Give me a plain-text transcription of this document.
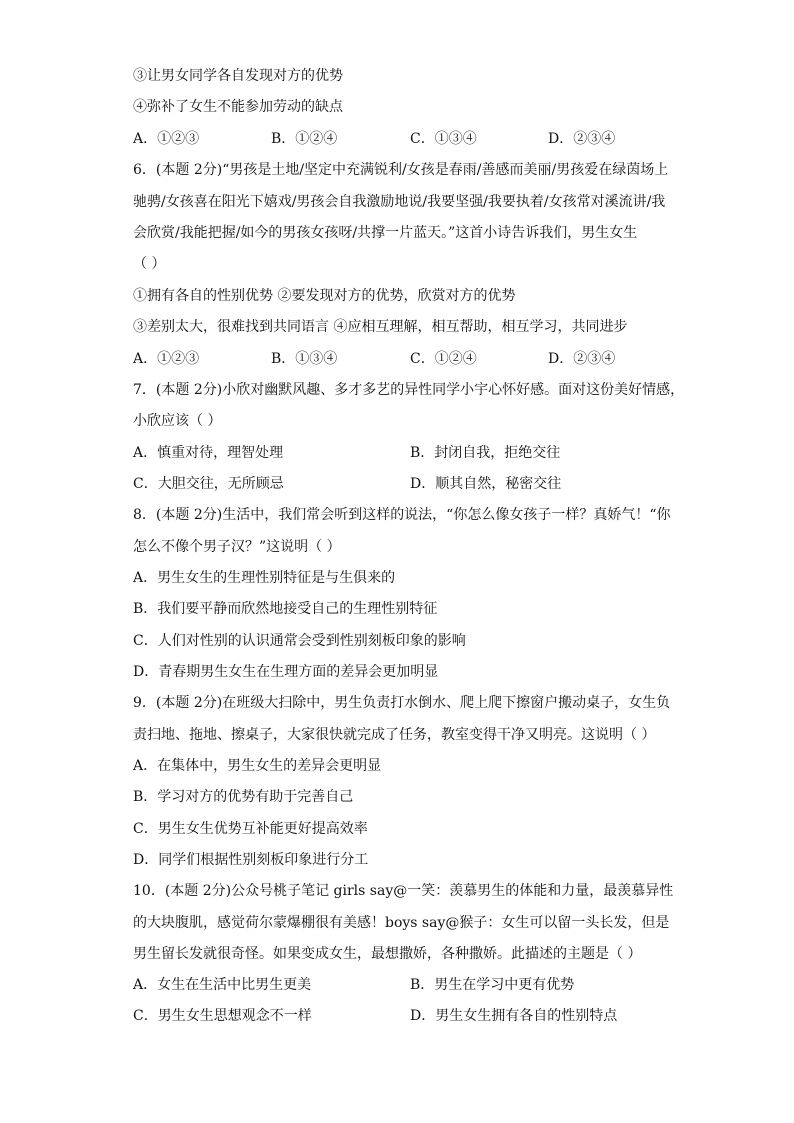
③让男女同学各自发现对方的优势
④弥补了女生不能参加劳动的缺点
A．①②③	B．①②④	C．①③④	D．②③④
6．(本题 2分)“男孩是土地/坚定中充满锐利/女孩是春雨/善感而美丽/男孩爱在绿茵场上
驰骋/女孩喜在阳光下嬉戏/男孩会自我激励地说/我要坚强/我要执着/女孩常对溪流讲/我
会欣赏/我能把握/如今的男孩女孩呀/共撑一片蓝天。”这首小诗告诉我们，男生女生
（ ）
①拥有各自的性别优势 ②要发现对方的优势，欣赏对方的优势
③差别太大，很难找到共同语言 ④应相互理解，相互帮助，相互学习，共同进步
A．①②③	B．①③④	C．①②④	D．②③④
7．(本题 2分)小欣对幽默风趣、多才多艺的异性同学小宇心怀好感。面对这份美好情感，
小欣应该（ ）
A．慎重对待，理智处理	B．封闭自我，拒绝交往
C．大胆交往，无所顾忌	D．顺其自然，秘密交往
8．(本题 2分)生活中，我们常会听到这样的说法，“你怎么像女孩子一样？真娇气！“你
怎么不像个男子汉？”这说明（ ）
A．男生女生的生理性别特征是与生俱来的
B．我们要平静而欣然地接受自己的生理性别特征
C．人们对性别的认识通常会受到性别刻板印象的影响
D．青春期男生女生在生理方面的差异会更加明显
9．(本题 2分)在班级大扫除中，男生负责打水倒水、爬上爬下擦窗户搬动桌子，女生负
责扫地、拖地、擦桌子，大家很快就完成了任务，教室变得干净又明亮。这说明（ ）
A．在集体中，男生女生的差异会更明显
B．学习对方的优势有助于完善自己
C．男生女生优势互补能更好提高效率
D．同学们根据性别刻板印象进行分工
10．(本题 2分)公众号桃子笔记 girls say@一笑：羡慕男生的体能和力量，最羡慕异性
的大块腹肌，感觉荷尔蒙爆棚很有美感！boys say@猴子：女生可以留一头长发，但是
男生留长发就很奇怪。如果变成女生，最想撒娇，各种撒娇。此描述的主题是（ ）
A．女生在生活中比男生更美	B．男生在学习中更有优势
C．男生女生思想观念不一样	D．男生女生拥有各自的性别特点
